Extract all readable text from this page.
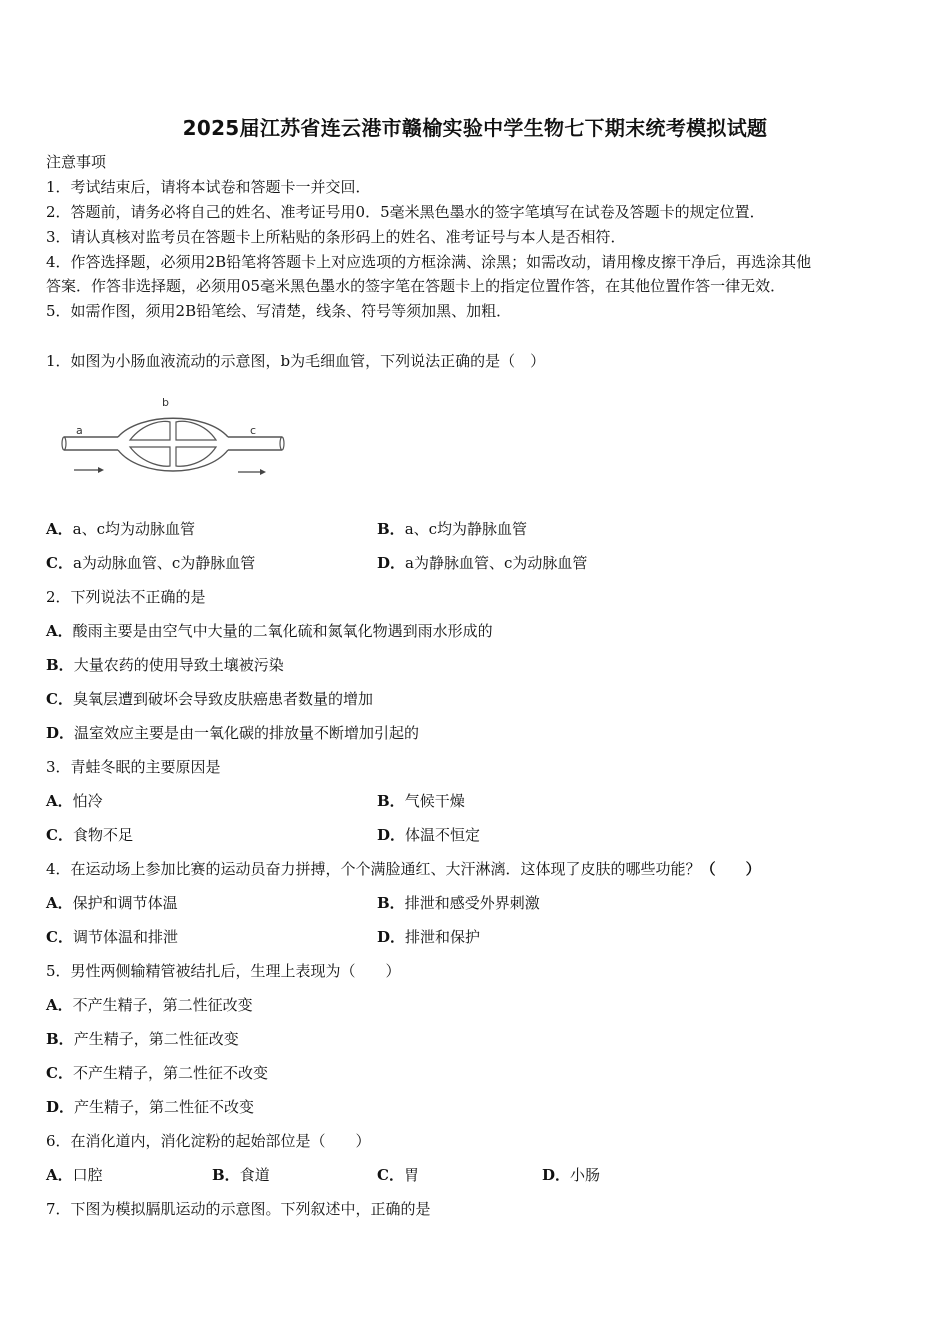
2025届江苏省连云港市赣榆实验中学生物七下期末统考模拟试题
注意事项
1．考试结束后，请将本试卷和答题卡一并交回．
2．答题前，请务必将自己的姓名、准考证号用0．5毫米黑色墨水的签字笔填写在试卷及答题卡的规定位置．
3．请认真核对监考员在答题卡上所粘贴的条形码上的姓名、准考证号与本人是否相符．
4．作答选择题，必须用2B铅笔将答题卡上对应选项的方框涂满、涂黑；如需改动，请用橡皮擦干净后，再选涂其他
答案．作答非选择题，必须用05毫米黑色墨水的签字笔在答题卡上的指定位置作答，在其他位置作答一律无效．
5．如需作图，须用2B铅笔绘、写清楚，线条、符号等须加黑、加粗．
1．如图为小肠血液流动的示意图，b为毛细血管，下列说法正确的是（　）
a
b
c
A．a、c均为动脉血管	B．a、c均为静脉血管
C．a为动脉血管、c为静脉血管	D．a为静脉血管、c为动脉血管
2．下列说法不正确的是
A．酸雨主要是由空气中大量的二氧化硫和氮氧化物遇到雨水形成的
B．大量农药的使用导致土壤被污染
C．臭氧层遭到破坏会导致皮肤癌患者数量的增加
D．温室效应主要是由一氧化碳的排放量不断增加引起的
3．青蛙冬眠的主要原因是
A．怕冷	B．气候干燥
C．食物不足	D．体温不恒定
4．在运动场上参加比赛的运动员奋力拼搏，个个满脸通红、大汗淋漓．这体现了皮肤的哪些功能？（　　）
A．保护和调节体温	B．排泄和感受外界刺激
C．调节体温和排泄	D．排泄和保护
5．男性两侧输精管被结扎后，生理上表现为（　　）
A．不产生精子，第二性征改变
B．产生精子，第二性征改变
C．不产生精子，第二性征不改变
D．产生精子，第二性征不改变
6．在消化道内，消化淀粉的起始部位是（　　）
A．口腔	B．食道	C．胃	D．小肠
7．下图为模拟膈肌运动的示意图。下列叙述中，正确的是
